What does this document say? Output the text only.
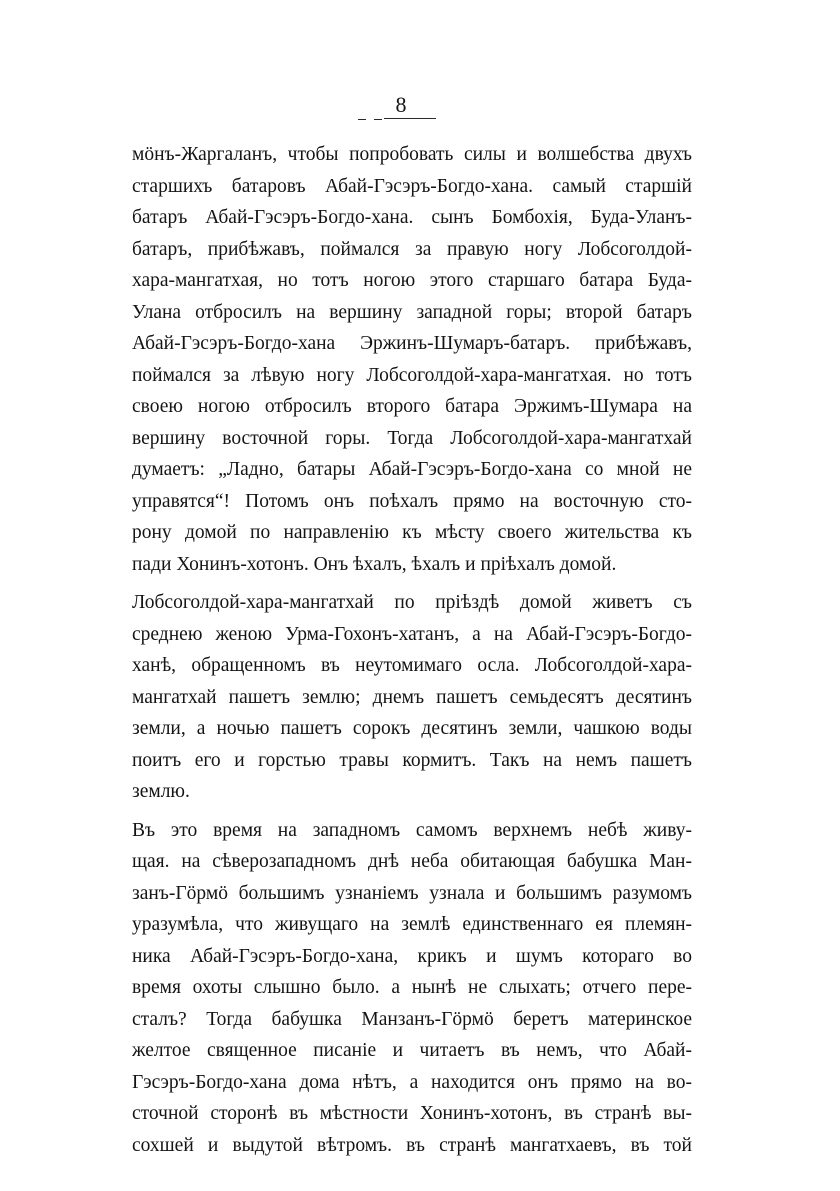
8
мӧнъ-Жаргаланъ, чтобы попробовать силы и волшебства двухъ
старшихъ батаровъ Абай-Гэсэръ-Богдо-хана. самый старшій
батаръ Абай-Гэсэръ-Богдо-хана. сынъ Бомбохія, Буда-Уланъ-
батаръ, прибѣжавъ, поймался за правую ногу Лобсоголдой-
хара-мангатхая, но тотъ ногою этого старшаго батара Буда-
Улана отбросилъ на вершину западной горы; второй батаръ
Абай-Гэсэръ-Богдо-хана Эржинъ-Шумаръ-батаръ. прибѣжавъ,
поймался за лѣвую ногу Лобсоголдой-хара-мангатхая. но тотъ
своею ногою отбросилъ второго батара Эржимъ-Шумара на
вершину восточной горы. Тогда Лобсоголдой-хара-мангатхай
думаетъ: „Ладно, батары Абай-Гэсэръ-Богдо-хана со мной не
управятся“! Потомъ онъ поѣхалъ прямо на восточную сто-
рону домой по направленію къ мѣсту своего жительства къ
пади Хонинъ-хотонъ. Онъ ѣхалъ, ѣхалъ и пріѣхалъ домой.
Лобсоголдой-хара-мангатхай по пріѣздѣ домой живетъ съ
среднею женою Урма-Гохонъ-хатанъ, а на Абай-Гэсэръ-Богдо-
ханѣ, обращенномъ въ неутомимаго осла. Лобсоголдой-хара-
мангатхай пашетъ землю; днемъ пашетъ семьдесятъ десятинъ
земли, а ночью пашетъ сорокъ десятинъ земли, чашкою воды
поитъ его и горстью травы кормитъ. Такъ на немъ пашетъ
землю.
Въ это время на западномъ самомъ верхнемъ небѣ живу-
щая. на сѣверозападномъ днѣ неба обитающая бабушка Ман-
занъ-Гӧрмӧ большимъ узнаніемъ узнала и большимъ разумомъ
уразумѣла, что живущаго на землѣ единственнаго ея племян-
ника Абай-Гэсэръ-Богдо-хана, крикъ и шумъ котораго во
время охоты слышно было. а нынѣ не слыхать; отчего пере-
сталъ? Тогда бабушка Манзанъ-Гӧрмӧ беретъ материнское
желтое священное писаніе и читаетъ въ немъ, что Абай-
Гэсэръ-Богдо-хана дома нѣтъ, а находится онъ прямо на во-
сточной сторонѣ въ мѣстности Хонинъ-хотонъ, въ странѣ вы-
сохшей и выдутой вѣтромъ. въ странѣ мангатхаевъ, въ той
